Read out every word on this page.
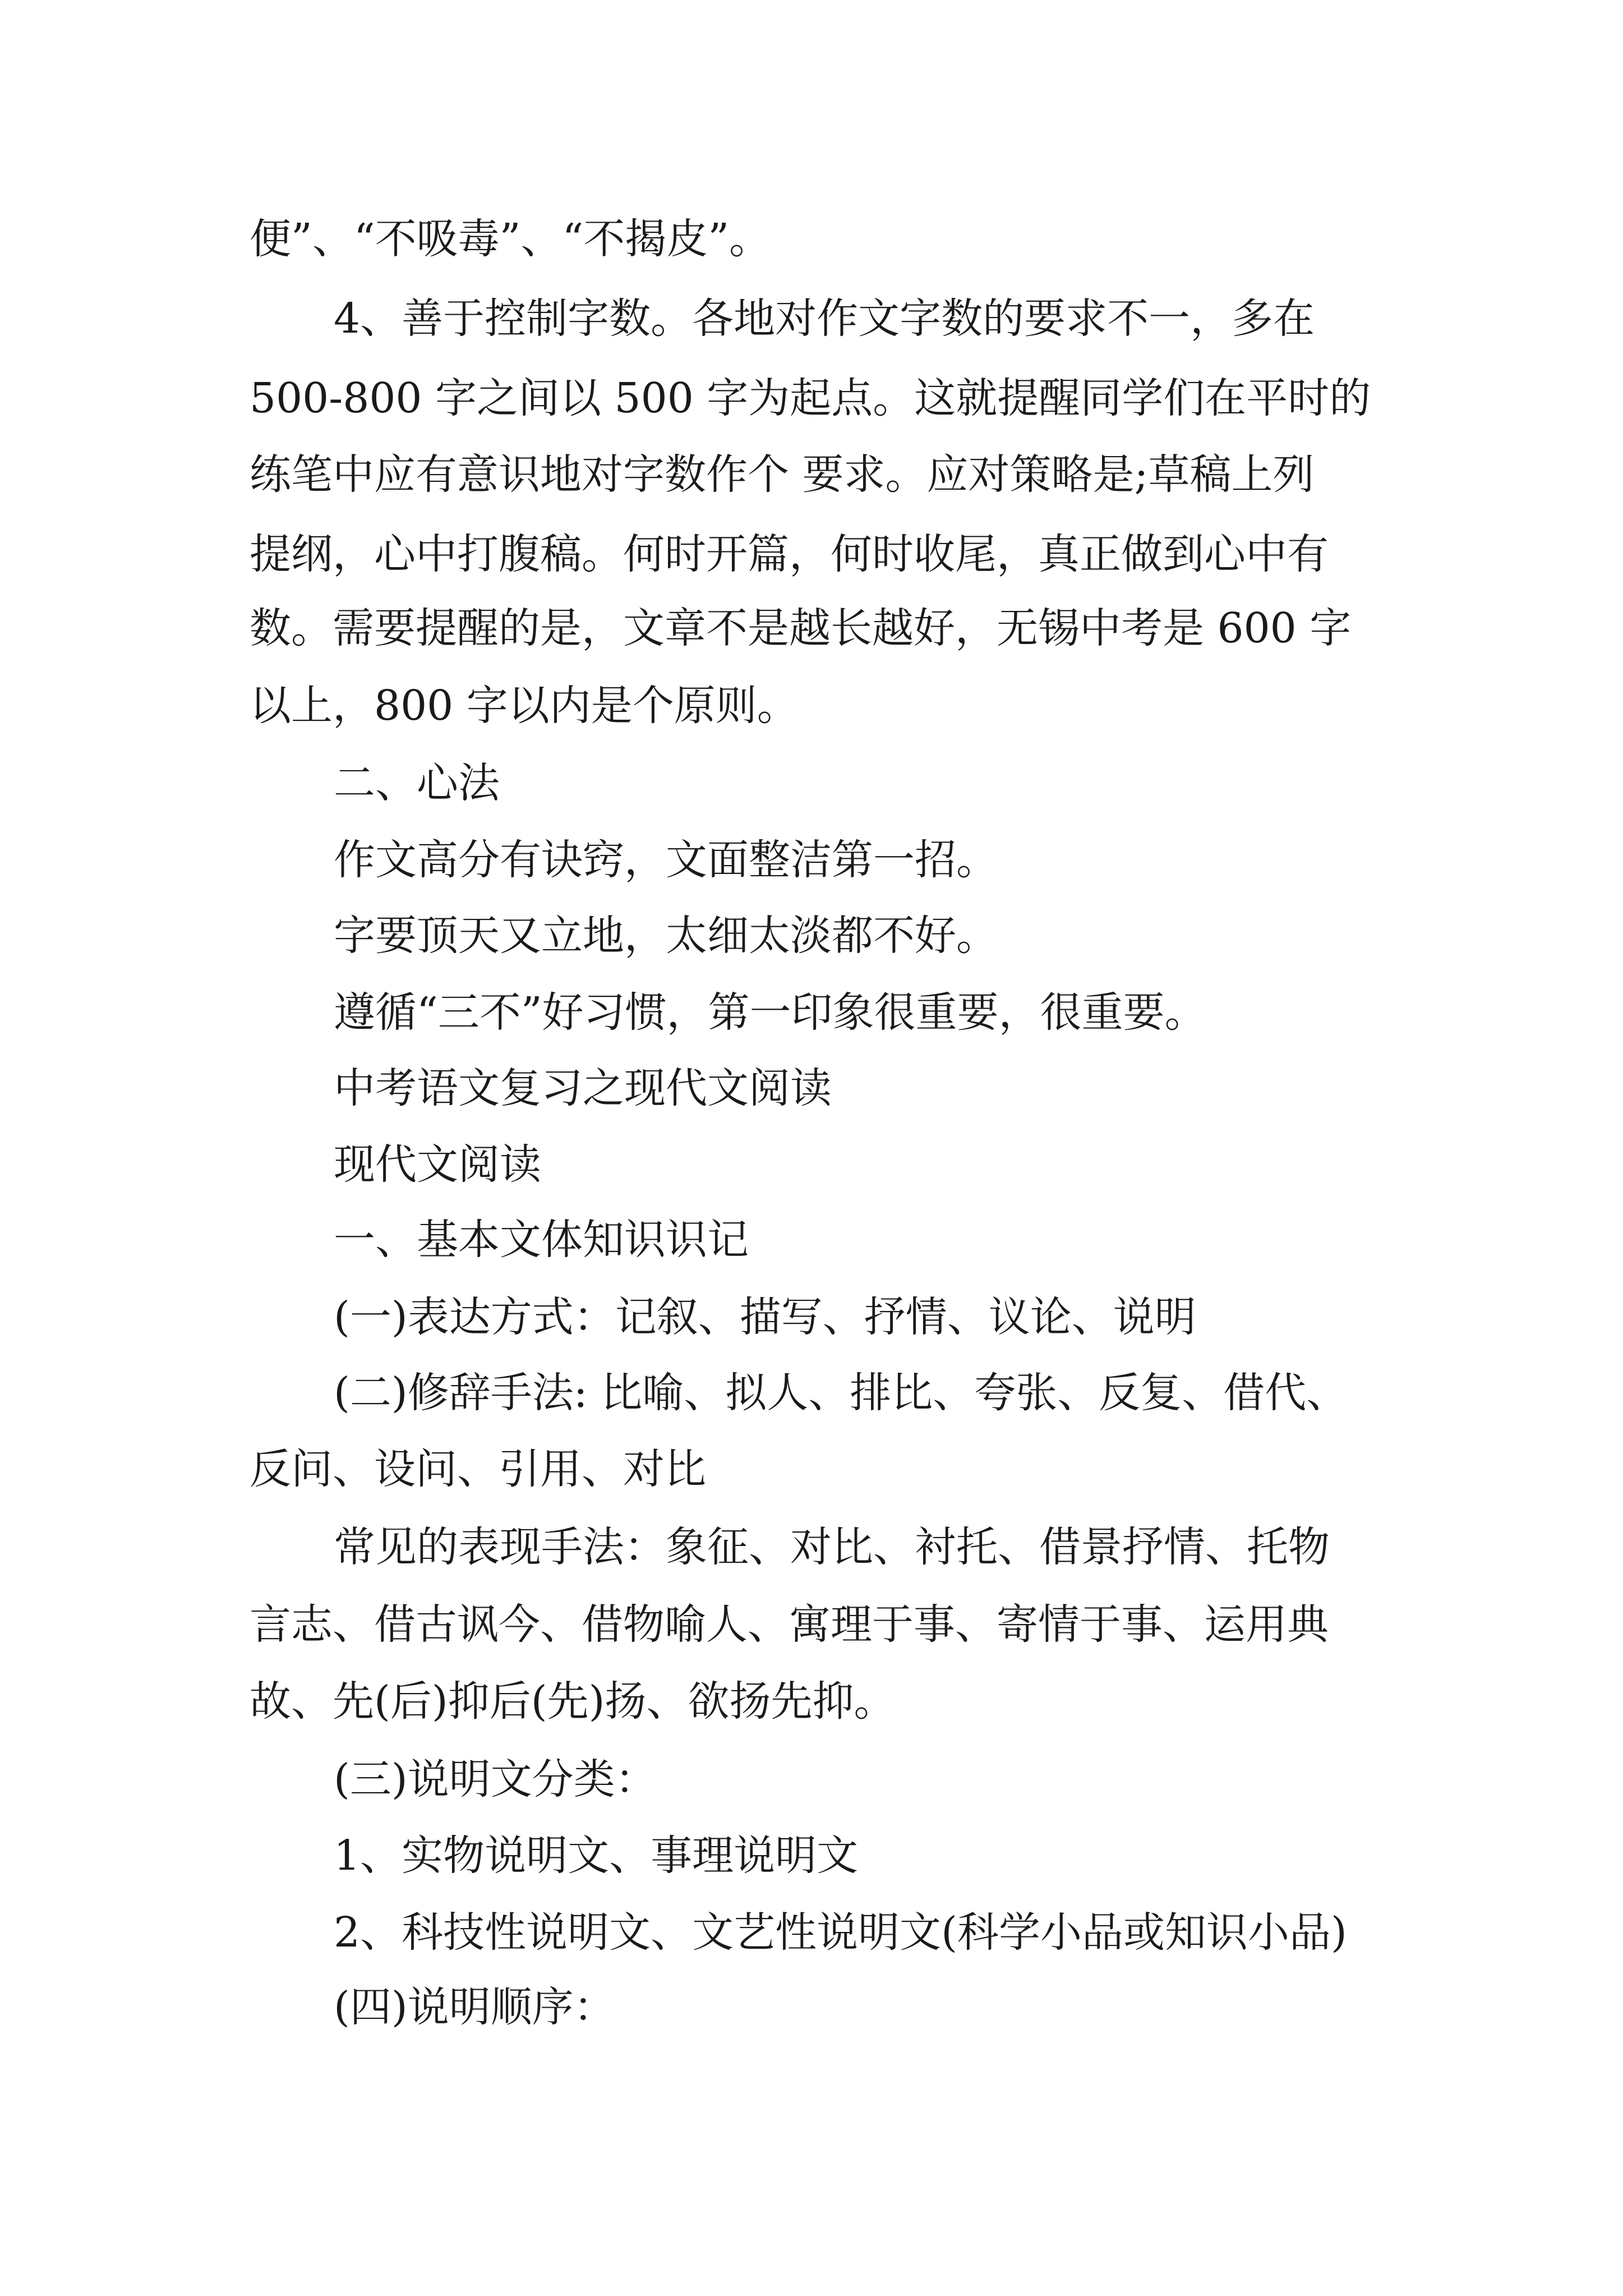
便”、“不吸毒”、“不揭皮”。
4、善于控制字数。各地对作文字数的要求不一，多在
500-800 字之间以 500 字为起点。这就提醒同学们在平时的
练笔中应有意识地对字数作个 要求。应对策略是;草稿上列
提纲，心中打腹稿。何时开篇，何时收尾，真正做到心中有
数。需要提醒的是，文章不是越长越好，无锡中考是 600 字
以上，800 字以内是个原则。
二、心法
作文高分有诀窍，文面整洁第一招。
字要顶天又立地，太细太淡都不好。
遵循“三不”好习惯，第一印象很重要，很重要。
中考语文复习之现代文阅读
现代文阅读
一、基本文体知识识记
(一)表达方式：记叙、描写、抒情、议论、说明
(二)修辞手法: 比喻、拟人、排比、夸张、反复、借代、
反问、设问、引用、对比
常见的表现手法：象征、对比、衬托、借景抒情、托物
言志、借古讽今、借物喻人、寓理于事、寄情于事、运用典
故、先(后)抑后(先)扬、欲扬先抑。
(三)说明文分类：
1、实物说明文、事理说明文
2、科技性说明文、文艺性说明文(科学小品或知识小品)
(四)说明顺序：
